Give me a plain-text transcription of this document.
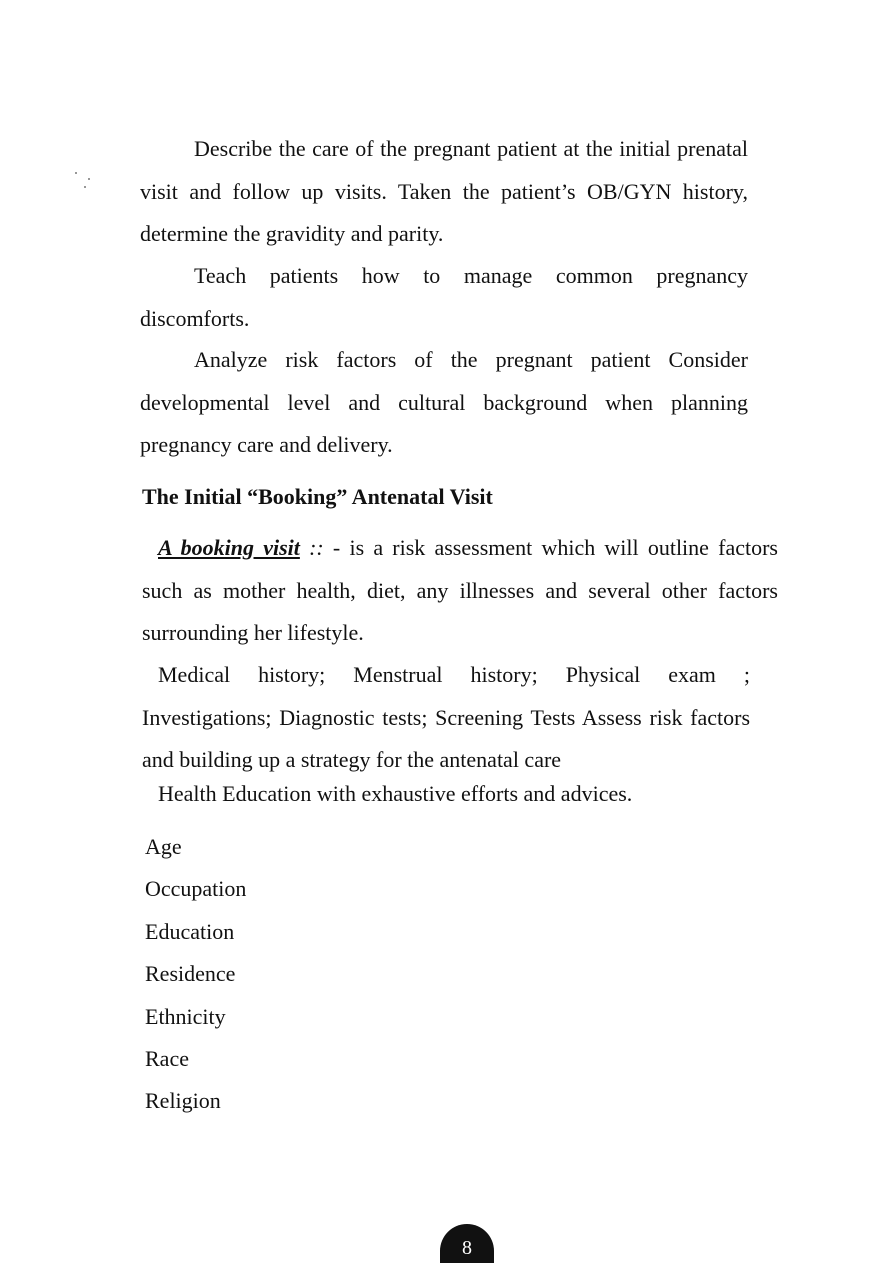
Describe the care of the pregnant patient at the initial prenatal visit and follow up visits. Taken the patient’s OB/GYN history, determine the gravidity and parity.

Teach patients how to manage common pregnancy discomforts.

Analyze risk factors of the pregnant patient Consider developmental level and cultural background when planning pregnancy care and delivery.

The Initial “Booking” Antenatal Visit

A booking visit :: - is a risk assessment which will outline factors such as mother health, diet, any illnesses and several other factors surrounding her lifestyle.

Medical history; Menstrual history; Physical exam ; Investigations; Diagnostic tests; Screening Tests Assess risk factors and building up a strategy for the antenatal care

Health Education with exhaustive efforts and advices.

Age
Occupation
Education
Residence
Ethnicity
Race
Religion
8
